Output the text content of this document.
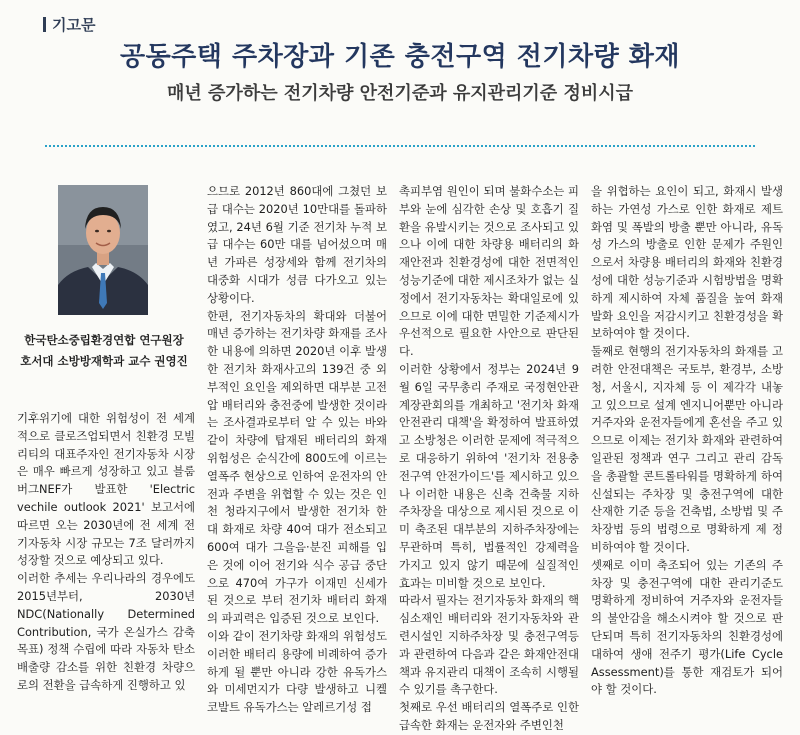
기고문
공동주택 주차장과 기존 충전구역 전기차량 화재
매년 증가하는 전기차량 안전기준과 유지관리기준 정비시급
한국탄소중립환경연합 연구원장
호서대 소방방재학과 교수 권영진
기후위기에 대한 위험성이 전 세계적으로 클로즈업되면서 친환경 모빌리티의 대표주자인 전기자동차 시장은 매우 빠르게 성장하고 있고 블룸버그NEF가 발표한 'Electric vechile outlook 2021' 보고서에 따르면 오는 2030년에 전 세계 전기자동차 시장 규모는 7조 달러까지 성장할 것으로 예상되고 있다.
이러한 추세는 우리나라의 경우에도 2015년부터, 2030년 NDC(Nationally Determined Contribution, 국가 온실가스 감축목표) 정책 수립에 따라 자동차 탄소배출량 감소를 위한 친환경 차량으로의 전환을 급속하게 진행하고 있
으므로 2012년 860대에 그쳤던 보급 대수는 2020년 10만대를 돌파하였고, 24년 6월 기준 전기차 누적 보급 대수는 60만 대를 넘어섰으며 매년 가파른 성장세와 함께 전기차의 대중화 시대가 성큼 다가오고 있는 상황이다.
한편, 전기자동차의 확대와 더불어 매년 증가하는 전기차량 화재를 조사한 내용에 의하면 2020년 이후 발생한 전기차 화재사고의 139건 중 외부적인 요인을 제외하면 대부분 고전압 배터리와 충전중에 발생한 것이라는 조사결과로부터 알 수 있는 바와 같이 차량에 탑재된 배터리의 화재 위험성은 순식간에 800도에 이르는 열폭주 현상으로 인하여 운전자의 안전과 주변을 위협할 수 있는 것은 인천 청라지구에서 발생한 전기차 한 대 화재로 차량 40여 대가 전소되고 600여 대가 그을음·분진 피해를 입은 것에 이어 전기와 식수 공급 중단으로 470여 가구가 이재민 신세가 된 것으로 부터 전기차 배터리 화재의 파괴력은 입증된 것으로 보인다.
이와 같이 전기차량 화재의 위험성도 이러한 배터리 용량에 비례하여 증가하게 될 뿐만 아니라 강한 유독가스와 미세먼지가 다량 발생하고 니켈 코발트 유독가스는 알레르기성 접
촉피부염 원인이 되며 불화수소는 피부와 눈에 심각한 손상 및 호흡기 질환을 유발시키는 것으로 조사되고 있으나 이에 대한 차량용 배터리의 화재안전과 친환경성에 대한 전면적인 성능기준에 대한 제시조차가 없는 실정에서 전기자동차는 확대일로에 있으므로 이에 대한 면밀한 기준제시가 우선적으로 필요한 사안으로 판단된다.
이러한 상황에서 정부는 2024년 9월 6일 국무총리 주재로 국정현안관계장관회의를 개최하고 '전기차 화재안전관리 대책'을 확정하여 발표하였고 소방청은 이러한 문제에 적극적으로 대응하기 위하여 '전기차 전용충전구역 안전가이드'를 제시하고 있으나 이러한 내용은 신축 건축물 지하주차장을 대상으로 제시된 것으로 이미 축조된 대부분의 지하주차장에는 무관하며 특히, 법률적인 강제력을 가지고 있지 않기 때문에 실질적인 효과는 미비할 것으로 보인다.
따라서 필자는 전기자동차 화재의 핵심소재인 배터리와 전기자동차와 관련시설인 지하주차장 및 충전구역등과 관련하여 다음과 같은 화재안전대책과 유지관리 대책이 조속히 시행될 수 있기를 촉구한다.
첫째로 우선 배터리의 열폭주로 인한 급속한 화재는 운전자와 주변인천
을 위협하는 요인이 되고, 화재시 발생하는 가연성 가스로 인한 화재로 제트화염 및 폭발의 방출 뿐만 아니라, 유독성 가스의 방출로 인한 문제가 주원인으로서 차량용 배터리의 화재와 친환경성에 대한 성능기준과 시험방법을 명확하게 제시하여 자체 품질을 높여 화재 발화 요인을 저감시키고 친환경성을 확보하여야 할 것이다.
둘째로 현행의 전기자동차의 화재를 고려한 안전대책은 국토부, 환경부, 소방청, 서울시, 지자체 등 이 제각각 내놓고 있으므로 설계 엔지니어뿐만 아니라 거주자와 운전자들에게 혼선을 주고 있으므로 이제는 전기차 화재와 관련하여 일관된 정책과 연구 그리고 관리 감독을 총괄할 콘트롤타워를 명확하게 하여 신설되는 주차장 및 충전구역에 대한 산재한 기준 등을 건축법, 소방법 및 주차장법 등의 법령으로 명확하게 제 정비하여야 할 것이다.
셋째로 이미 축조되어 있는 기존의 주차장 및 충전구역에 대한 관리기준도 명확하게 정비하여 거주자와 운전자들의 불안감을 해소시켜야 할 것으로 판단되며 특히 전기자동차의 친환경성에 대하여 생애 전주기 평가(Life Cycle Assessment)를 통한 재검토가 되어야 할 것이다.
